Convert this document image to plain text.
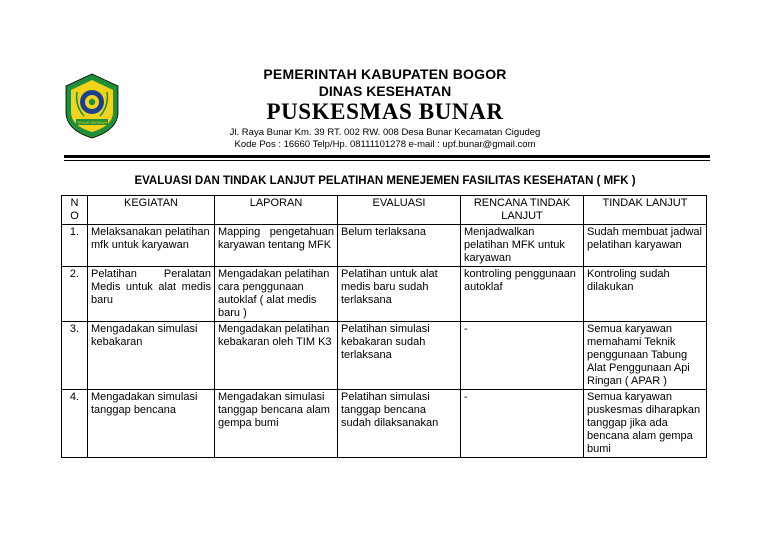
TEGAR BERIMAN
PEMERINTAH KABUPATEN BOGOR
DINAS KESEHATAN
PUSKESMAS BUNAR
Jl. Raya Bunar Km. 39 RT. 002 RW. 008 Desa Bunar Kecamatan Cigudeg
Kode Pos : 16660 Telp/Hp. 08111101278 e-mail : upf.bunar@gmail.com
EVALUASI DAN TINDAK LANJUT PELATIHAN MENEJEMEN FASILITAS KESEHATAN ( MFK )
N O	KEGIATAN	LAPORAN	EVALUASI	RENCANA TINDAK LANJUT	TINDAK LANJUT
1.	Melaksanakan pelatihan mfk untuk karyawan	Mapping pengetahuan karyawan tentang MFK	Belum terlaksana	Menjadwalkan pelatihan MFK untuk karyawan	Sudah membuat jadwal pelatihan karyawan
2.	Pelatihan Peralatan Medis untuk alat medis baru	Mengadakan pelatihan cara penggunaan autoklaf ( alat medis baru )	Pelatihan untuk alat medis baru sudah terlaksana	kontroling penggunaan autoklaf	Kontroling sudah dilakukan
3.	Mengadakan simulasi kebakaran	Mengadakan pelatihan kebakaran oleh TIM K3	Pelatihan simulasi kebakaran sudah terlaksana	-	Semua karyawan memahami Teknik penggunaan Tabung Alat Penggunaan Api Ringan ( APAR )
4.	Mengadakan simulasi tanggap bencana	Mengadakan simulasi tanggap bencana alam gempa bumi	Pelatihan simulasi tanggap bencana sudah dilaksanakan	-	Semua karyawan puskesmas diharapkan tanggap jika ada bencana alam gempa bumi
